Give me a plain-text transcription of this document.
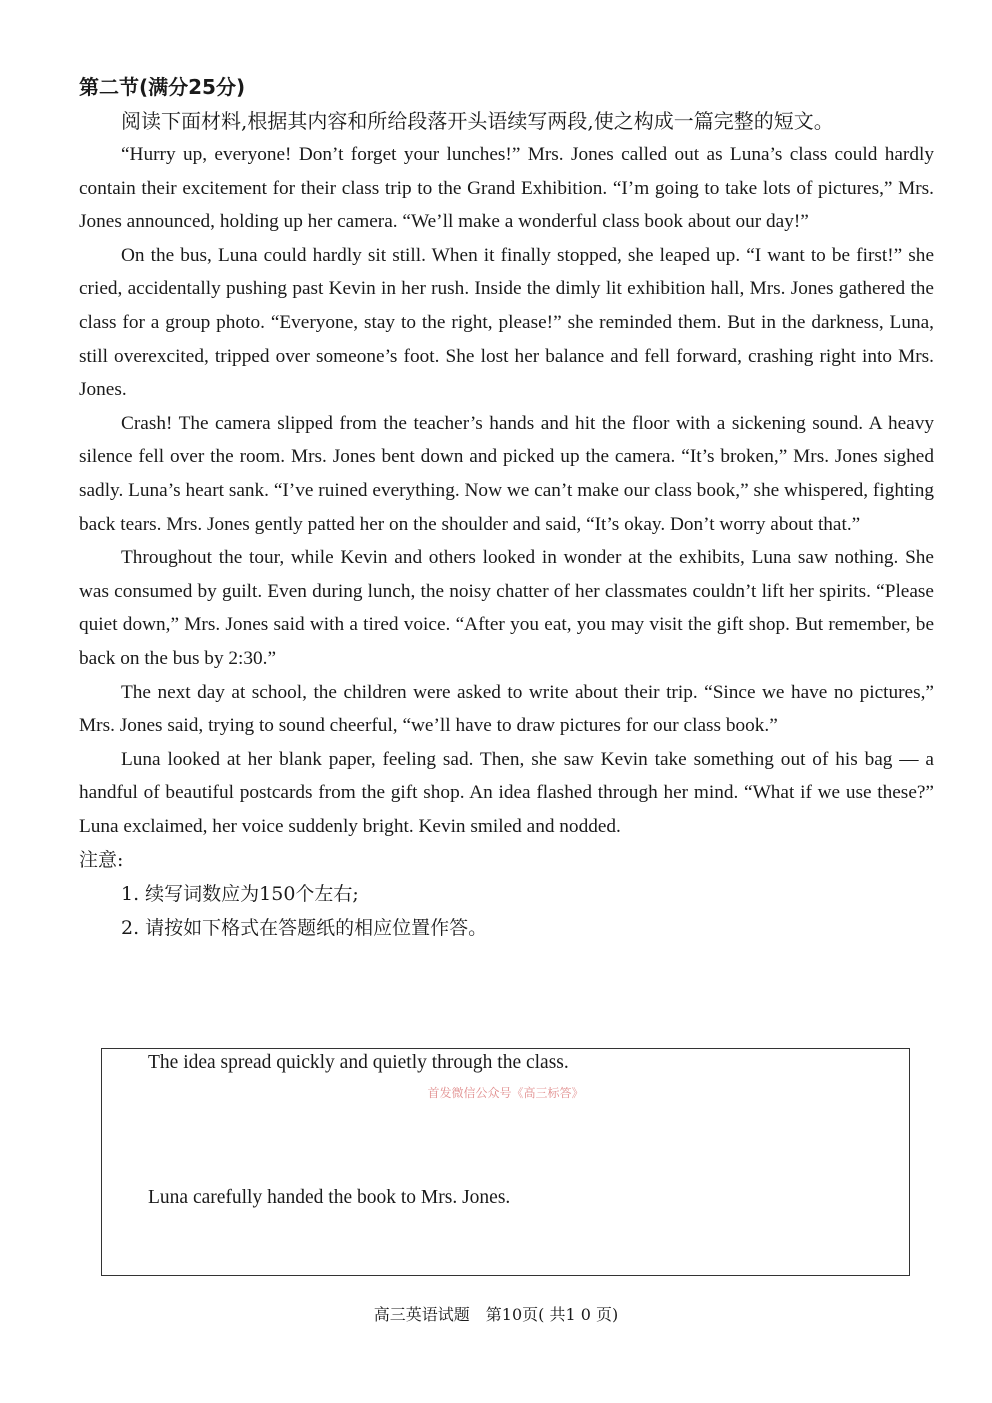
第二节(满分25分)

阅读下面材料,根据其内容和所给段落开头语续写两段,使之构成一篇完整的短文。

“Hurry up, everyone! Don’t forget your lunches!” Mrs. Jones called out as Luna’s class could hardly contain their excitement for their class trip to the Grand Exhibition. “I’m going to take lots of pictures,” Mrs. Jones announced, holding up her camera. “We’ll make a wonderful class book about our day!”

On the bus, Luna could hardly sit still. When it finally stopped, she leaped up. “I want to be first!” she cried, accidentally pushing past Kevin in her rush. Inside the dimly lit exhibition hall, Mrs. Jones gathered the class for a group photo. “Everyone, stay to the right, please!” she reminded them. But in the darkness, Luna, still overexcited, tripped over someone’s foot. She lost her balance and fell forward, crashing right into Mrs. Jones.

Crash! The camera slipped from the teacher’s hands and hit the floor with a sickening sound. A heavy silence fell over the room. Mrs. Jones bent down and picked up the camera. “It’s broken,” Mrs. Jones sighed sadly. Luna’s heart sank. “I’ve ruined everything. Now we can’t make our class book,” she whispered, fighting back tears. Mrs. Jones gently patted her on the shoulder and said, “It’s okay. Don’t worry about that.”

Throughout the tour, while Kevin and others looked in wonder at the exhibits, Luna saw nothing. She was consumed by guilt. Even during lunch, the noisy chatter of her classmates couldn’t lift her spirits. “Please quiet down,” Mrs. Jones said with a tired voice. “After you eat, you may visit the gift shop. But remember, be back on the bus by 2:30.”

The next day at school, the children were asked to write about their trip. “Since we have no pictures,” Mrs. Jones said, trying to sound cheerful, “we’ll have to draw pictures for our class book.”

Luna looked at her blank paper, feeling sad. Then, she saw Kevin take something out of his bag — a handful of beautiful postcards from the gift shop. An idea flashed through her mind. “What if we use these?” Luna exclaimed, her voice suddenly bright. Kevin smiled and nodded.

注意:

1. 续写词数应为150个左右;

2. 请按如下格式在答题纸的相应位置作答。

The idea spread quickly and quietly through the class.

首发微信公众号《高三标答》

Luna carefully handed the book to Mrs. Jones.

高三英语试题　第10页( 共1 0 页)
